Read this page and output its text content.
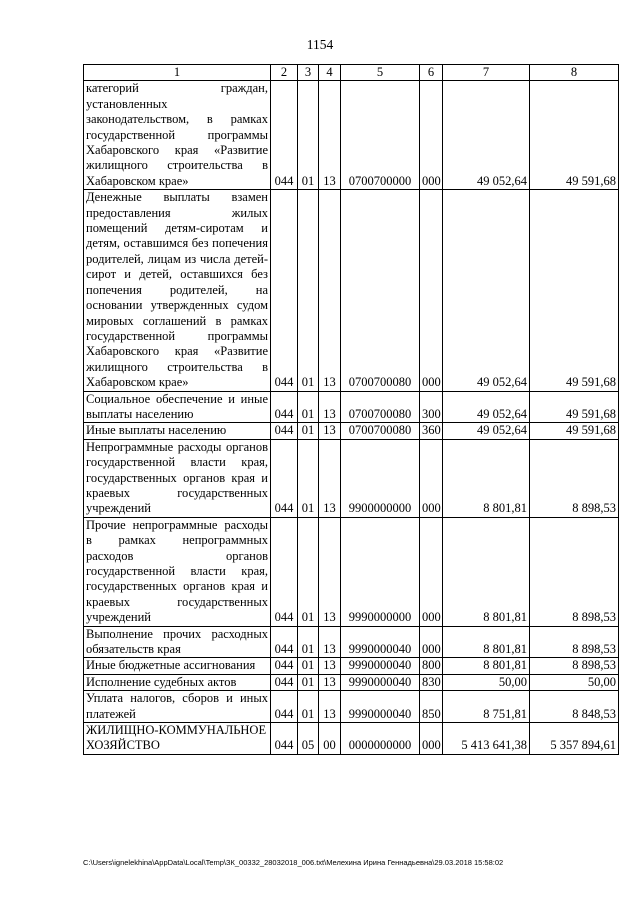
1154
1	2	3	4	5	6	7	8
категорий граждан, установленных законодательством, в рамках государственной программы Хабаровского края «Развитие жилищного строительства в Хабаровском крае»	044	01	13	0700700000	000	49 052,64	49 591,68
Денежные выплаты взамен предоставления жилых помещений детям-сиротам и детям, оставшимся без попечения родителей, лицам из числа детей-сирот и детей, оставшихся без попечения родителей, на основании утвержденных судом мировых соглашений в рамках государственной программы Хабаровского края «Развитие жилищного строительства в Хабаровском крае»	044	01	13	0700700080	000	49 052,64	49 591,68
Социальное обеспечение и иные выплаты населению	044	01	13	0700700080	300	49 052,64	49 591,68
Иные выплаты населению	044	01	13	0700700080	360	49 052,64	49 591,68
Непрограммные расходы органов государственной власти края, государственных органов края и краевых государственных учреждений	044	01	13	9900000000	000	8 801,81	8 898,53
Прочие непрограммные расходы в рамках непрограммных расходов органов государственной власти края, государственных органов края и краевых государственных учреждений	044	01	13	9990000000	000	8 801,81	8 898,53
Выполнение прочих расходных обязательств края	044	01	13	9990000040	000	8 801,81	8 898,53
Иные бюджетные ассигнования	044	01	13	9990000040	800	8 801,81	8 898,53
Исполнение судебных актов	044	01	13	9990000040	830	50,00	50,00
Уплата налогов, сборов и иных платежей	044	01	13	9990000040	850	8 751,81	8 848,53
ЖИЛИЩНО-КОММУНАЛЬНОЕ ХОЗЯЙСТВО	044	05	00	0000000000	000	5 413 641,38	5 357 894,61
C:\Users\ignelekhina\AppData\Local\Temp\ЗК_00332_28032018_006.txt\Мелехина Ирина Геннадьевна\29.03.2018 15:58:02
